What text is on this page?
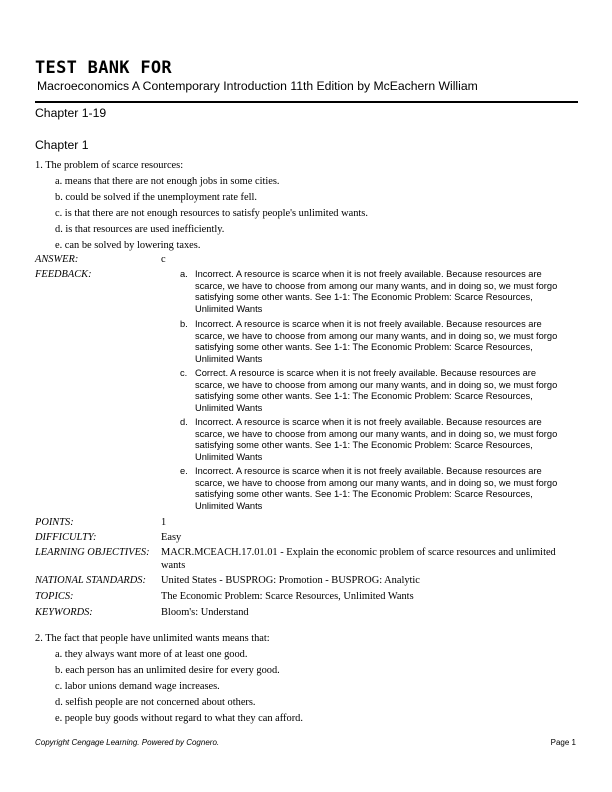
TEST BANK FOR
Macroeconomics A Contemporary Introduction 11th Edition by McEachern William
Chapter 1-19
Chapter 1
1. The problem of scarce resources:
a. means that there are not enough jobs in some cities.
b. could be solved if the unemployment rate fell.
c. is that there are not enough resources to satisfy people's unlimited wants.
d. is that resources are used inefficiently.
e. can be solved by lowering taxes.
ANSWER:	c
FEEDBACK:	a. Incorrect. A resource is scarce when it is not freely available. Because resources are scarce, we have to choose from among our many wants, and in doing so, we must forgo satisfying some other wants. See 1-1: The Economic Problem: Scarce Resources, Unlimited Wants
b. Incorrect. A resource is scarce when it is not freely available. Because resources are scarce, we have to choose from among our many wants, and in doing so, we must forgo satisfying some other wants. See 1-1: The Economic Problem: Scarce Resources, Unlimited Wants
c. Correct. A resource is scarce when it is not freely available. Because resources are scarce, we have to choose from among our many wants, and in doing so, we must forgo satisfying some other wants. See 1-1: The Economic Problem: Scarce Resources, Unlimited Wants
d. Incorrect. A resource is scarce when it is not freely available. Because resources are scarce, we have to choose from among our many wants, and in doing so, we must forgo satisfying some other wants. See 1-1: The Economic Problem: Scarce Resources, Unlimited Wants
e. Incorrect. A resource is scarce when it is not freely available. Because resources are scarce, we have to choose from among our many wants, and in doing so, we must forgo satisfying some other wants. See 1-1: The Economic Problem: Scarce Resources, Unlimited Wants
POINTS:	1
DIFFICULTY:	Easy
LEARNING OBJECTIVES: MACR.MCEACH.17.01.01 - Explain the economic problem of scarce resources and unlimited wants
NATIONAL STANDARDS: United States - BUSPROG: Promotion - BUSPROG: Analytic
TOPICS:	The Economic Problem: Scarce Resources, Unlimited Wants
KEYWORDS:	Bloom's: Understand
2. The fact that people have unlimited wants means that:
a. they always want more of at least one good.
b. each person has an unlimited desire for every good.
c. labor unions demand wage increases.
d. selfish people are not concerned about others.
e. people buy goods without regard to what they can afford.
Copyright Cengage Learning. Powered by Cognero.	Page 1
